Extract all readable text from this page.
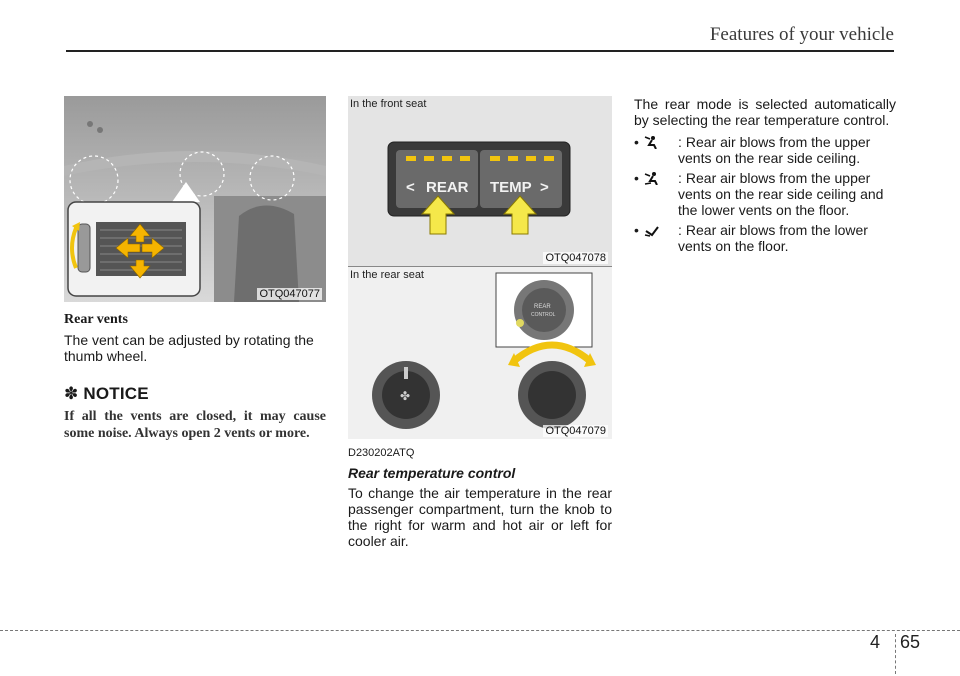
Features of your vehicle
OTQ047077
Rear vents

The vent can be adjusted by rotating the thumb wheel.

✽ NOTICE
If all the vents are closed, it may cause some noise. Always open 2 vents or more.
< REAR TEMP >
In the front seat
OTQ047078
REAR
CONTROL
✤
In the rear seat
OTQ047079
D230202ATQ
Rear temperature control

To change the air temperature in the rear passenger compartment, turn the knob to the right for warm and hot air or left for cooler air.

The rear mode is selected automatically by selecting the rear temperature control.

•	: Rear air blows from the upper vents on the rear side ceiling.
•	: Rear air blows from the upper vents on the rear side ceiling and the lower vents on the floor.
•	: Rear air blows from the lower vents on the floor.
4 65
